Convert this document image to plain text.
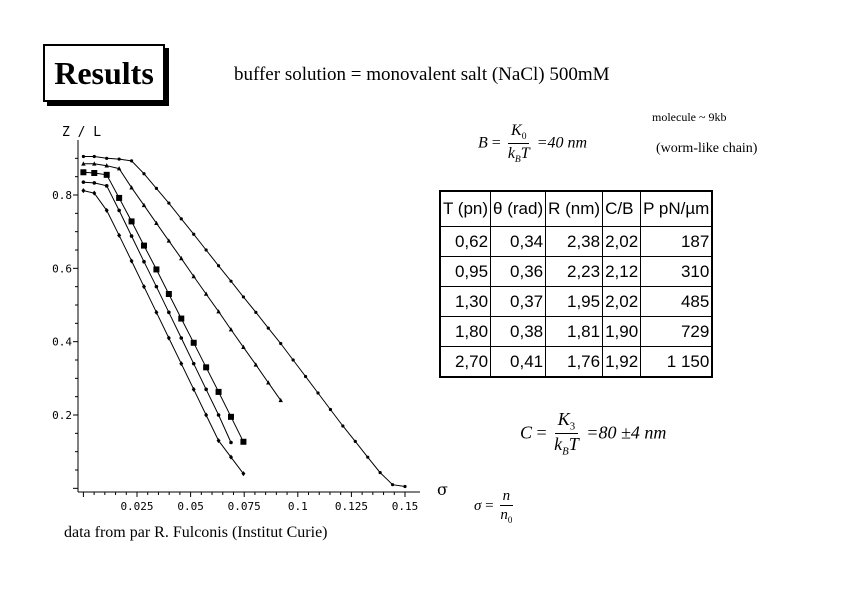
Results	buffer solution = monovalent salt (NaCl) 500mM
molecule ~ 9kb
(worm-like chain)
$B = \frac{K_0}{k_BT} =40$ nm
T (pn)	θ (rad)	R (nm)	C/B	P pN/µm
0,62	0,34	2,38	2,02	187
0,95	0,36	2,23	2,12	310
1,30	0,37	1,95	2,02	485
1,80	0,38	1,81	1,90	729
2,70	0,41	1,76	1,92	1 150
$C = \frac{K_3}{k_BT} =80 \pm 4$ nm
$\sigma = \frac{n}{n_0}$
0.025 0.05 0.075 0.1 0.125 0.15
0.2
0.4
0.6
0.8
Z / L
σ
data from par R. Fulconis (Institut Curie)
